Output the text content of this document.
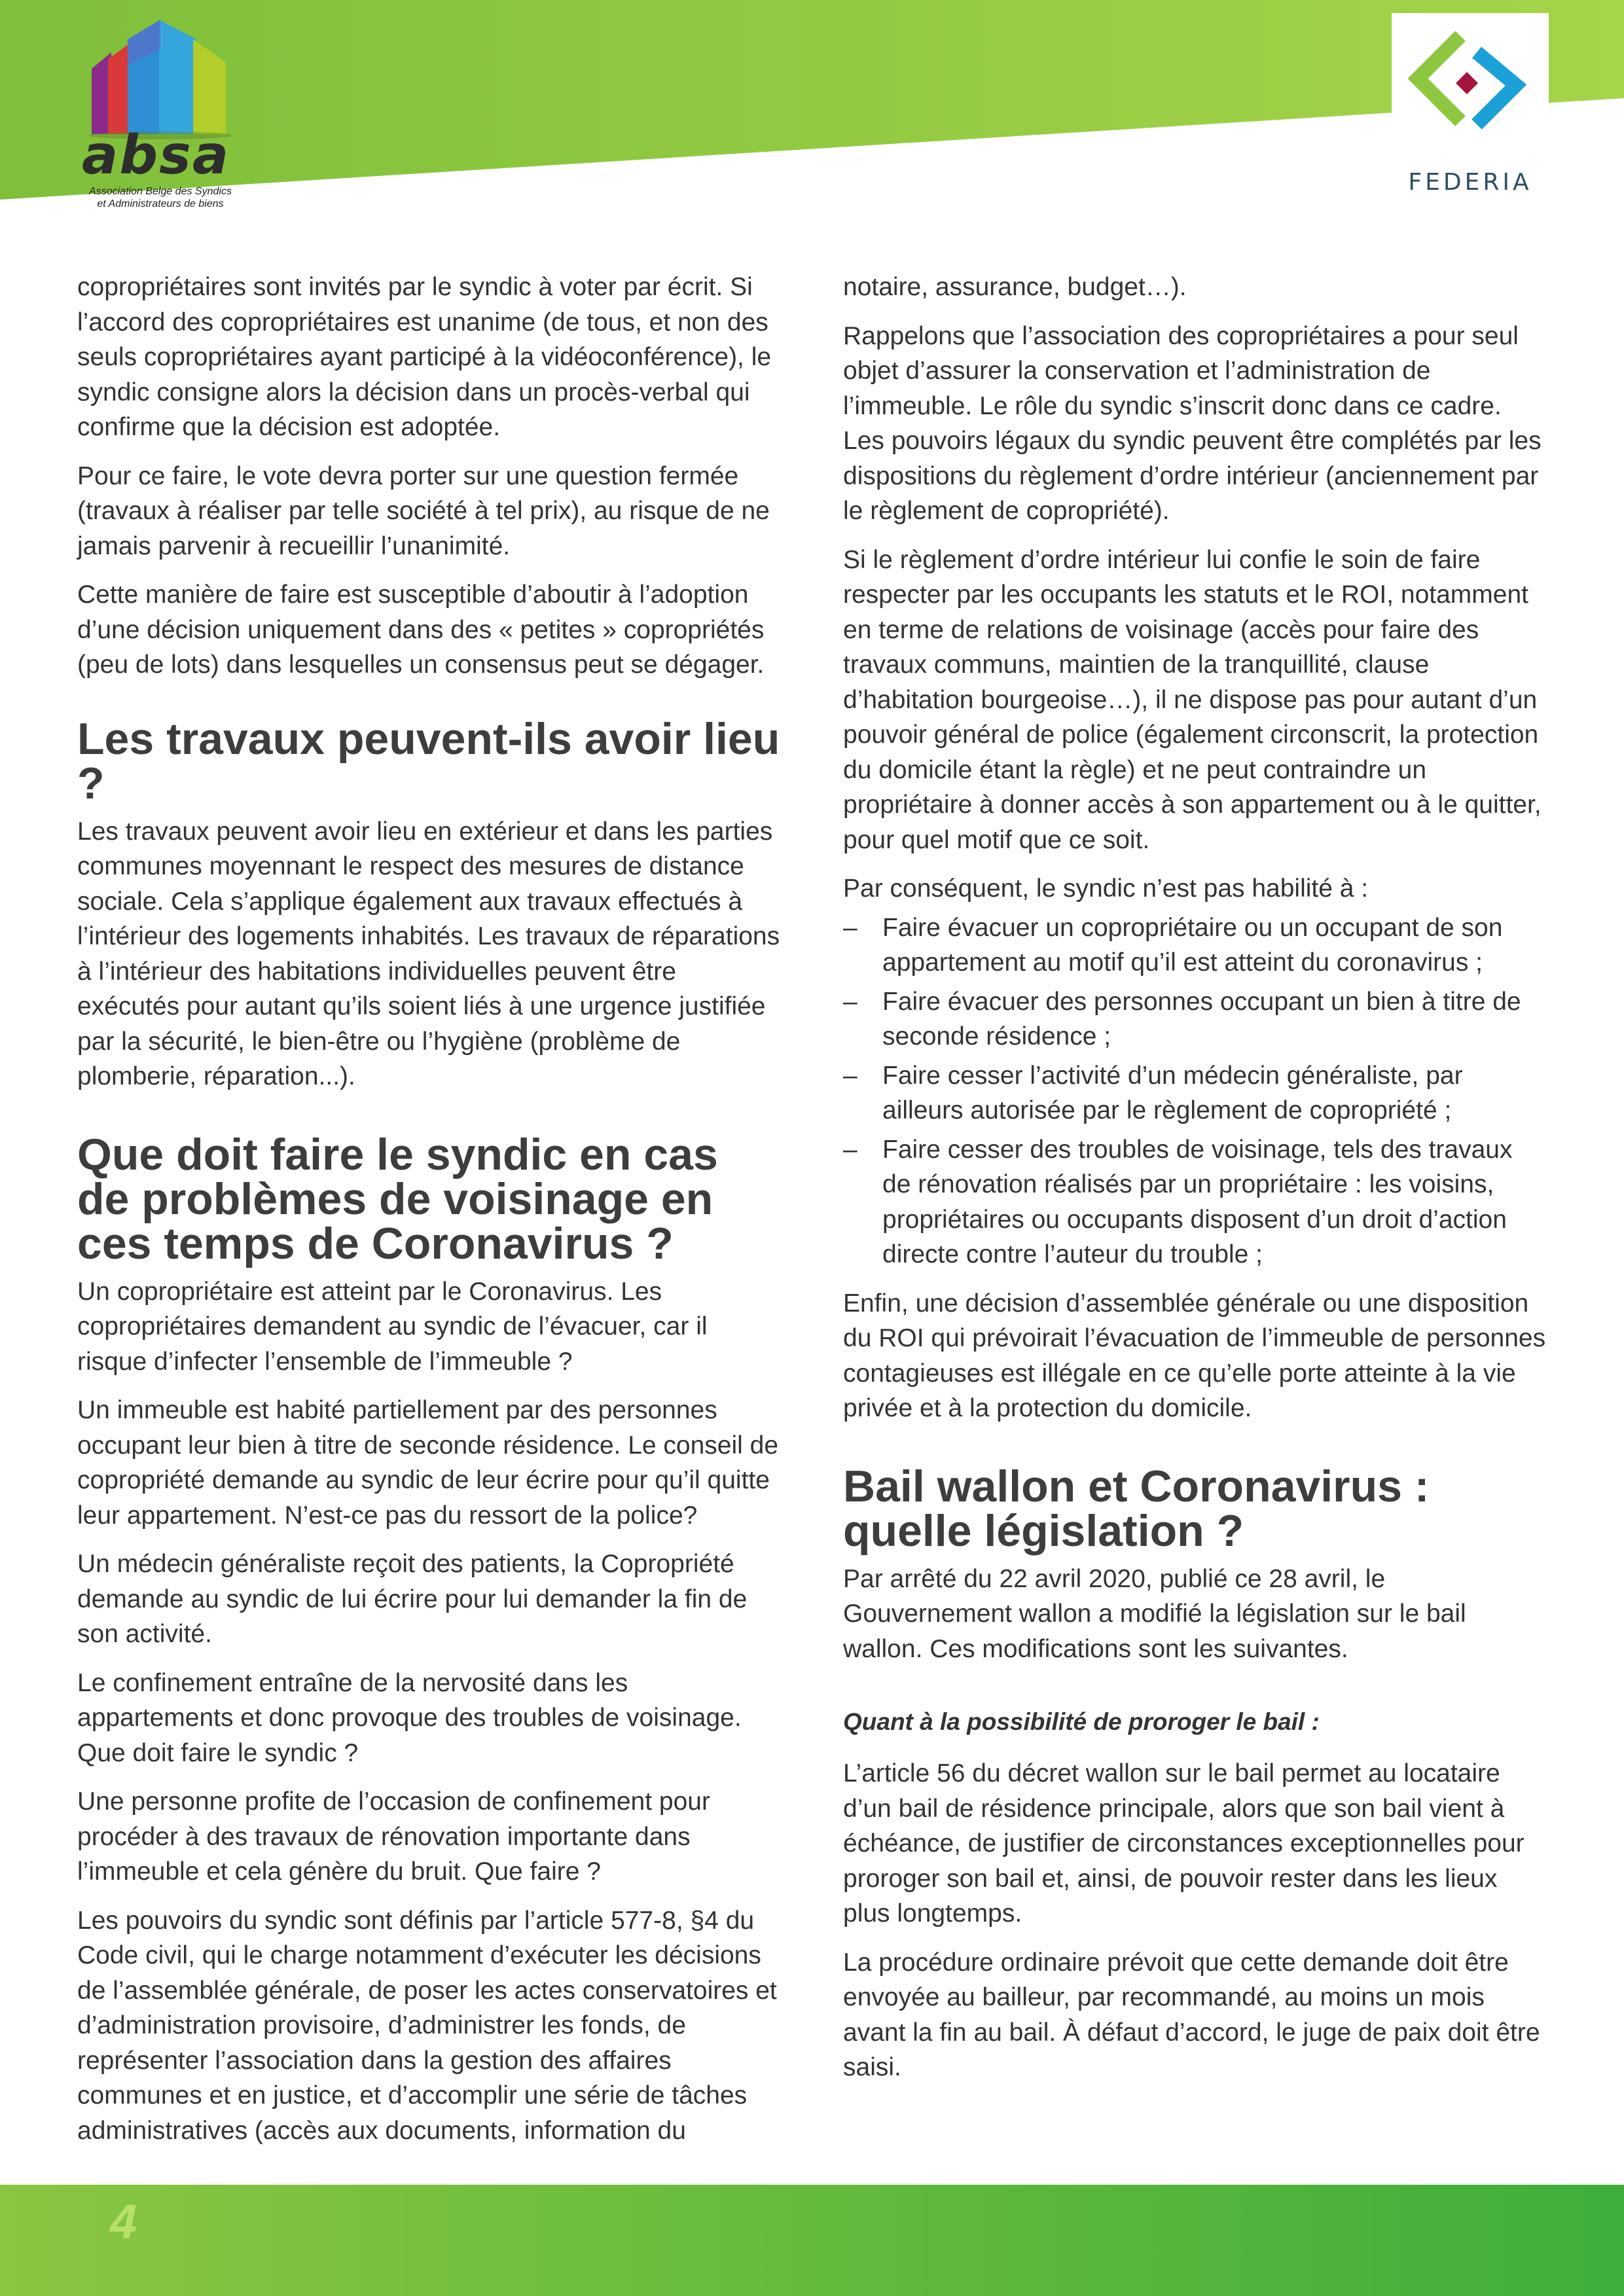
absa
Association Belge des Syndics
et Administrateurs de biens
FEDERIA

copropriétaires sont invités par le syndic à voter par écrit. Si l’accord des copropriétaires est unanime (de tous, et non des seuls copropriétaires ayant participé à la vidéoconférence), le syndic consigne alors la décision dans un procès-verbal qui confirme que la décision est adoptée.

Pour ce faire, le vote devra porter sur une question fermée (travaux à réaliser par telle société à tel prix), au risque de ne jamais parvenir à recueillir l’unanimité.

Cette manière de faire est susceptible d’aboutir à l’adoption d’une décision uniquement dans des « petites » copropriétés (peu de lots) dans lesquelles un consensus peut se dégager.

Les travaux peuvent-ils avoir lieu ?

Les travaux peuvent avoir lieu en extérieur et dans les parties communes moyennant le respect des mesures de distance sociale. Cela s’applique également aux travaux effectués à l’intérieur des logements inhabités. Les travaux de réparations à l’intérieur des habitations individuelles peuvent être exécutés pour autant qu’ils soient liés à une urgence justifiée par la sécurité, le bien-être ou l’hygiène (problème de plomberie, réparation...).

Que doit faire le syndic en cas de problèmes de voisinage en ces temps de Coronavirus ?

Un copropriétaire est atteint par le Coronavirus. Les copropriétaires demandent au syndic de l’évacuer, car il risque d’infecter l’ensemble de l’immeuble ?

Un immeuble est habité partiellement par des personnes occupant leur bien à titre de seconde résidence. Le conseil de copropriété demande au syndic de leur écrire pour qu’il quitte leur appartement. N’est-ce pas du ressort de la police?

Un médecin généraliste reçoit des patients, la Copropriété demande au syndic de lui écrire pour lui demander la fin de son activité.

Le confinement entraîne de la nervosité dans les appartements et donc provoque des troubles de voisinage. Que doit faire le syndic ?

Une personne profite de l’occasion de confinement pour procéder à des travaux de rénovation importante dans l’immeuble et cela génère du bruit. Que faire ?

Les pouvoirs du syndic sont définis par l’article 577-8, §4 du Code civil, qui le charge notamment d’exécuter les décisions de l’assemblée générale, de poser les actes conservatoires et d’administration provisoire, d’administrer les fonds, de représenter l’association dans la gestion des affaires communes et en justice, et d’accomplir une série de tâches administratives (accès aux documents, information du

notaire, assurance, budget…).

Rappelons que l’association des copropriétaires a pour seul objet d’assurer la conservation et l’administration de l’immeuble. Le rôle du syndic s’inscrit donc dans ce cadre. Les pouvoirs légaux du syndic peuvent être complétés par les dispositions du règlement d’ordre intérieur (anciennement par le règlement de copropriété).

Si le règlement d’ordre intérieur lui confie le soin de faire respecter par les occupants les statuts et le ROI, notamment en terme de relations de voisinage (accès pour faire des travaux communs, maintien de la tranquillité, clause d’habitation bourgeoise…), il ne dispose pas pour autant d’un pouvoir général de police (également circonscrit, la protection du domicile étant la règle) et ne peut contraindre un propriétaire à donner accès à son appartement ou à le quitter, pour quel motif que ce soit.

Par conséquent, le syndic n’est pas habilité à :

– Faire évacuer un copropriétaire ou un occupant de son appartement au motif qu’il est atteint du coronavirus ;
– Faire évacuer des personnes occupant un bien à titre de seconde résidence ;
– Faire cesser l’activité d’un médecin généraliste, par ailleurs autorisée par le règlement de copropriété ;
– Faire cesser des troubles de voisinage, tels des travaux de rénovation réalisés par un propriétaire : les voisins, propriétaires ou occupants disposent d’un droit d’action directe contre l’auteur du trouble ;

Enfin, une décision d’assemblée générale ou une disposition du ROI qui prévoirait l’évacuation de l’immeuble de personnes contagieuses est illégale en ce qu’elle porte atteinte à la vie privée et à la protection du domicile.

Bail wallon et Coronavirus : quelle législation ?

Par arrêté du 22 avril 2020, publié ce 28 avril, le Gouvernement wallon a modifié la législation sur le bail wallon. Ces modifications sont les suivantes.

Quant à la possibilité de proroger le bail :

L’article 56 du décret wallon sur le bail permet au locataire d’un bail de résidence principale, alors que son bail vient à échéance, de justifier de circonstances exceptionnelles pour proroger son bail et, ainsi, de pouvoir rester dans les lieux plus longtemps.

La procédure ordinaire prévoit que cette demande doit être envoyée au bailleur, par recommandé, au moins un mois avant la fin au bail. À défaut d’accord, le juge de paix doit être saisi.

4
